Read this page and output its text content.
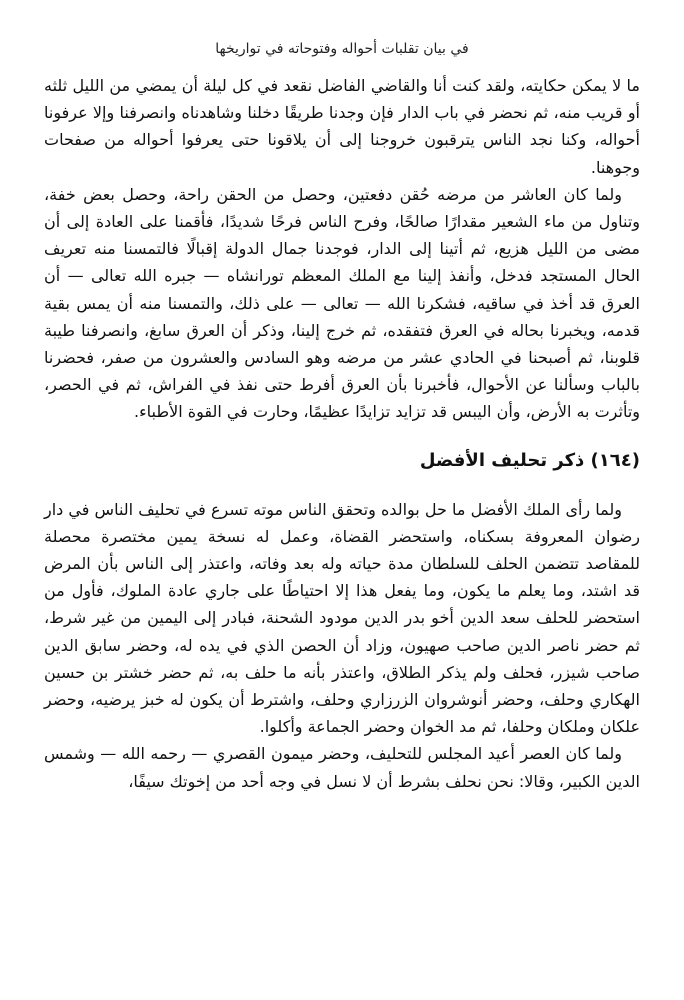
في بيان تقلبات أحواله وفتوحاته في تواريخها

ما لا يمكن حكايته، ولقد كنت أنا والقاضي الفاضل نقعد في كل ليلة أن يمضي من الليل ثلثه أو قريب منه، ثم نحضر في باب الدار فإن وجدنا طريقًا دخلنا وشاهدناه وانصرفنا وإلا عرفونا أحواله، وكنا نجد الناس يترقبون خروجنا إلى أن يلاقونا حتى يعرفوا أحواله من صفحات وجوهنا.

ولما كان العاشر من مرضه حُقن دفعتين، وحصل من الحقن راحة، وحصل بعض خفة، وتناول من ماء الشعير مقدارًا صالحًا، وفرح الناس فرحًا شديدًا، فأقمنا على العادة إلى أن مضى من الليل هزيع، ثم أتينا إلى الدار، فوجدنا جمال الدولة إقبالًا فالتمسنا منه تعريف الحال المستجد فدخل، وأنفذ إلينا مع الملك المعظم تورانشاه — جبره الله تعالى — أن العرق قد أخذ في ساقيه، فشكرنا الله — تعالى — على ذلك، والتمسنا منه أن يمس بقية قدمه، ويخبرنا بحاله في العرق فتفقده، ثم خرج إلينا، وذكر أن العرق سابغ، وانصرفنا طيبة قلوبنا، ثم أصبحنا في الحادي عشر من مرضه وهو السادس والعشرون من صفر، فحضرنا بالباب وسألنا عن الأحوال، فأخبرنا بأن العرق أفرط حتى نفذ في الفراش، ثم في الحصر، وتأثرت به الأرض، وأن اليبس قد تزايد تزايدًا عظيمًا، وحارت في القوة الأطباء.

(١٦٤) ذكر تحليف الأفضل

ولما رأى الملك الأفضل ما حل بوالده وتحقق الناس موته تسرع في تحليف الناس في دار رضوان المعروفة بسكناه، واستحضر القضاة، وعمل له نسخة يمين مختصرة محصلة للمقاصد تتضمن الحلف للسلطان مدة حياته وله بعد وفاته، واعتذر إلى الناس بأن المرض قد اشتد، وما يعلم ما يكون، وما يفعل هذا إلا احتياطًا على جاري عادة الملوك، فأول من استحضر للحلف سعد الدين أخو بدر الدين مودود الشحنة، فبادر إلى اليمين من غير شرط، ثم حضر ناصر الدين صاحب صهيون، وزاد أن الحصن الذي في يده له، وحضر سابق الدين صاحب شيزر، فحلف ولم يذكر الطلاق، واعتذر بأنه ما حلف به، ثم حضر خشتر بن حسين الهكاري وحلف، وحضر أنوشروان الزرزاري وحلف، واشترط أن يكون له خبز يرضيه، وحضر علكان وملكان وحلفا، ثم مد الخوان وحضر الجماعة وأكلوا.

ولما كان العصر أعيد المجلس للتحليف، وحضر ميمون القصري — رحمه الله — وشمس الدين الكبير، وقالا: نحن نحلف بشرط أن لا نسل في وجه أحد من إخوتك سيفًا،
